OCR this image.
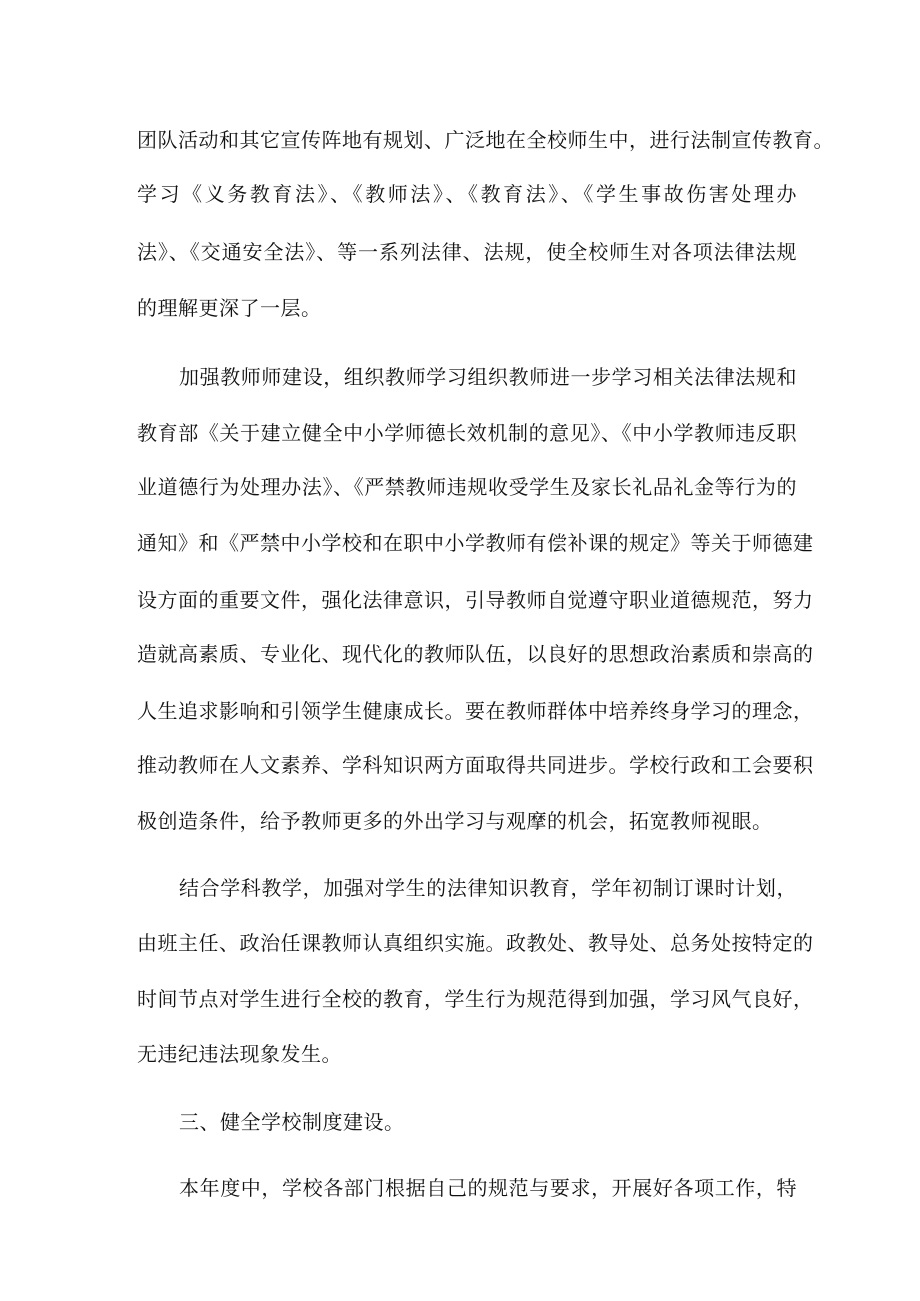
团队活动和其它宣传阵地有规划、广泛地在全校师生中，进行法制宣传教育。
学习《义务教育法》、《教师法》、《教育法》、《学生事故伤害处理办
法》、《交通安全法》、等一系列法律、法规，使全校师生对各项法律法规
的理解更深了一层。
加强教师师建设，组织教师学习组织教师进一步学习相关法律法规和
教育部《关于建立健全中小学师德长效机制的意见》、《中小学教师违反职
业道德行为处理办法》、《严禁教师违规收受学生及家长礼品礼金等行为的
通知》和《严禁中小学校和在职中小学教师有偿补课的规定》等关于师德建
设方面的重要文件，强化法律意识，引导教师自觉遵守职业道德规范，努力
造就高素质、专业化、现代化的教师队伍，以良好的思想政治素质和崇高的
人生追求影响和引领学生健康成长。要在教师群体中培养终身学习的理念，
推动教师在人文素养、学科知识两方面取得共同进步。学校行政和工会要积
极创造条件，给予教师更多的外出学习与观摩的机会，拓宽教师视眼。
结合学科教学，加强对学生的法律知识教育，学年初制订课时计划，
由班主任、政治任课教师认真组织实施。政教处、教导处、总务处按特定的
时间节点对学生进行全校的教育，学生行为规范得到加强，学习风气良好，
无违纪违法现象发生。
三、健全学校制度建设。
本年度中，学校各部门根据自己的规范与要求，开展好各项工作，特
